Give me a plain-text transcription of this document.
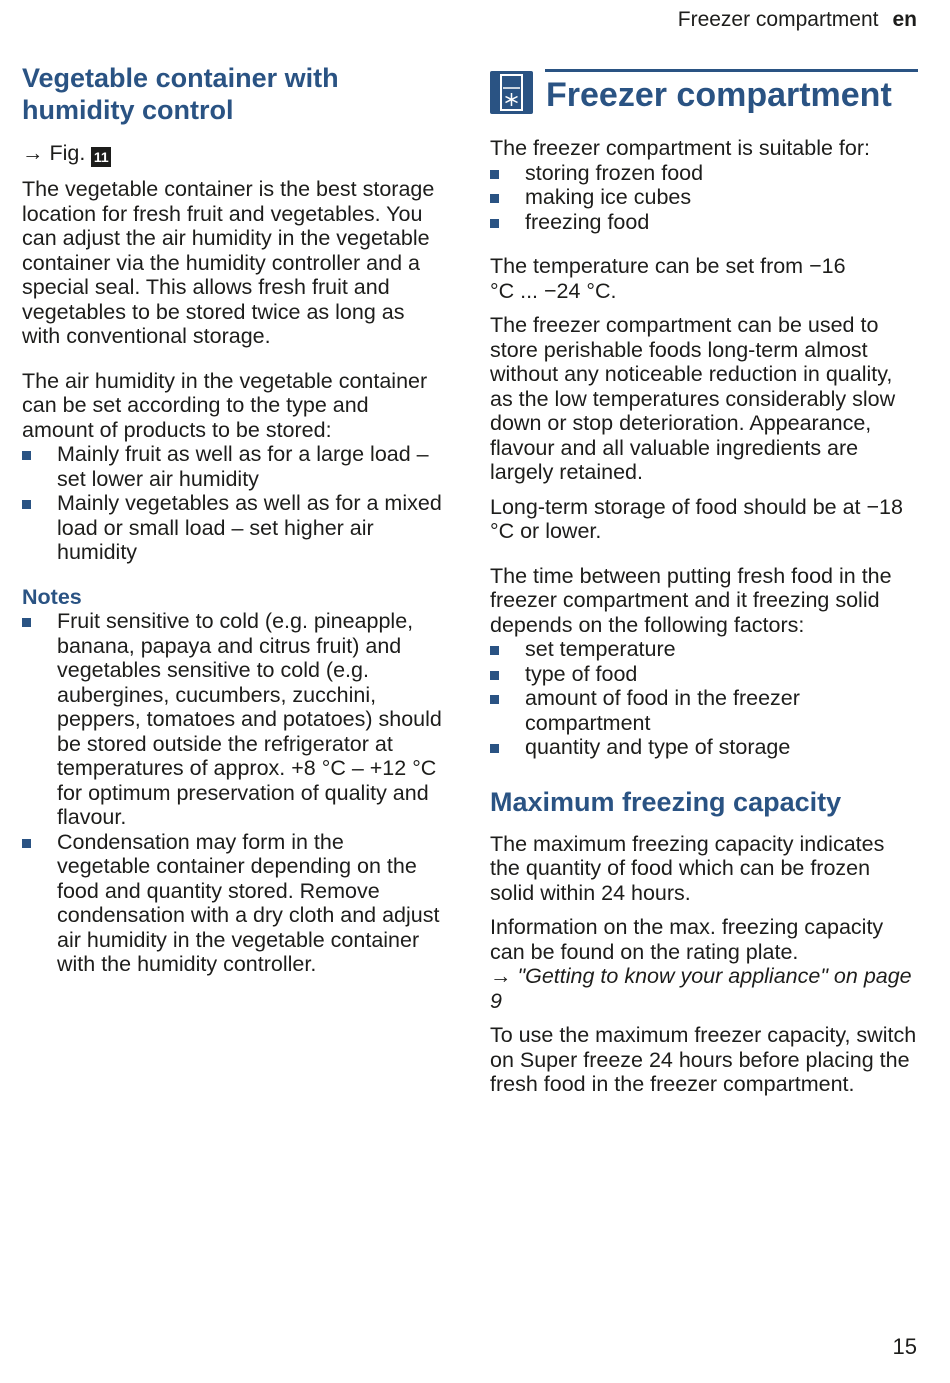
Freezer compartment en
Vegetable container with humidity control

→ Fig. 11

The vegetable container is the best storage location for fresh fruit and vegetables. You can adjust the air humidity in the vegetable container via the humidity controller and a special seal. This allows fresh fruit and vegetables to be stored twice as long as with conventional storage.

The air humidity in the vegetable container can be set according to the type and amount of products to be stored:

Mainly fruit as well as for a large load – set lower air humidity
Mainly vegetables as well as for a mixed load or small load – set higher air humidity
Notes
Fruit sensitive to cold (e.g. pineapple, banana, papaya and citrus fruit) and vegetables sensitive to cold (e.g. aubergines, cucumbers, zucchini, peppers, tomatoes and potatoes) should be stored outside the refrigerator at temperatures of approx. +8 °C – +12 °C for optimum preservation of quality and flavour.
Condensation may form in the vegetable container depending on the food and quantity stored. Remove condensation with a dry cloth and adjust air humidity in the vegetable container with the humidity controller.
Freezer compartment

The freezer compartment is suitable for:

storing frozen food
making ice cubes
freezing food

The temperature can be set from −16 °C ... −24 °C.

The freezer compartment can be used to store perishable foods long-term almost without any noticeable reduction in quality, as the low temperatures considerably slow down or stop deterioration. Appearance, flavour and all valuable ingredients are largely retained.

Long-term storage of food should be at −18 °C or lower.

The time between putting fresh food in the freezer compartment and it freezing solid depends on the following factors:

set temperature
type of food
amount of food in the freezer compartment
quantity and type of storage
Maximum freezing capacity

The maximum freezing capacity indicates the quantity of food which can be frozen solid within 24 hours.

Information on the max. freezing capacity can be found on the rating plate.

→ "Getting to know your appliance" on page 9

To use the maximum freezer capacity, switch on Super freeze 24 hours before placing the fresh food in the freezer compartment.

15
